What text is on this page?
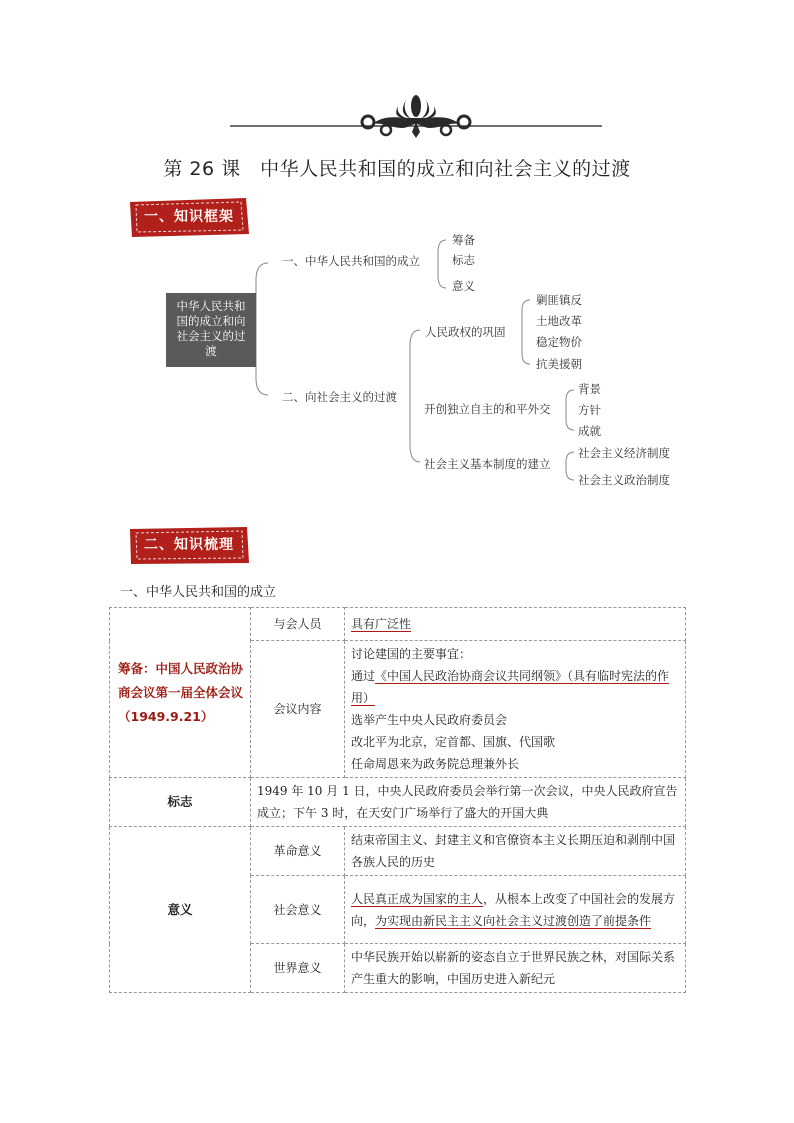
第 26 课　中华人民共和国的成立和向社会主义的过渡
一、知识框架
中华人民共和
国的成立和向
社会主义的过
渡
一、中华人民共和国的成立
筹备
标志
意义
二、向社会主义的过渡
人民政权的巩固
剿匪镇反
土地改革
稳定物价
抗美援朝
开创独立自主的和平外交
背景
方针
成就
社会主义基本制度的建立
社会主义经济制度
社会主义政治制度
二、知识梳理
一、中华人民共和国的成立
筹备：中国人民政治协商会议第一届全体会议（1949.9.21）	与会人员	具有广泛性
	会议内容	讨论建国的主要事宜：
通过《中国人民政治协商会议共同纲领》（具有临时宪法的作用）
选举产生中央人民政府委员会
改北平为北京，定首都、国旗、代国歌
任命周恩来为政务院总理兼外长

标志	1949 年 10 月 1 日，中央人民政府委员会举行第一次会议，中央人民政府宣告成立；下午 3 时，在天安门广场举行了盛大的开国大典	
意义	革命意义	结束帝国主义、封建主义和官僚资本主义长期压迫和剥削中国各族人民的历史
	社会意义	人民真正成为国家的主人，从根本上改变了中国社会的发展方向，为实现由新民主主义向社会主义过渡创造了前提条件
	世界意义	中华民族开始以崭新的姿态自立于世界民族之林，对国际关系产生重大的影响，中国历史进入新纪元
